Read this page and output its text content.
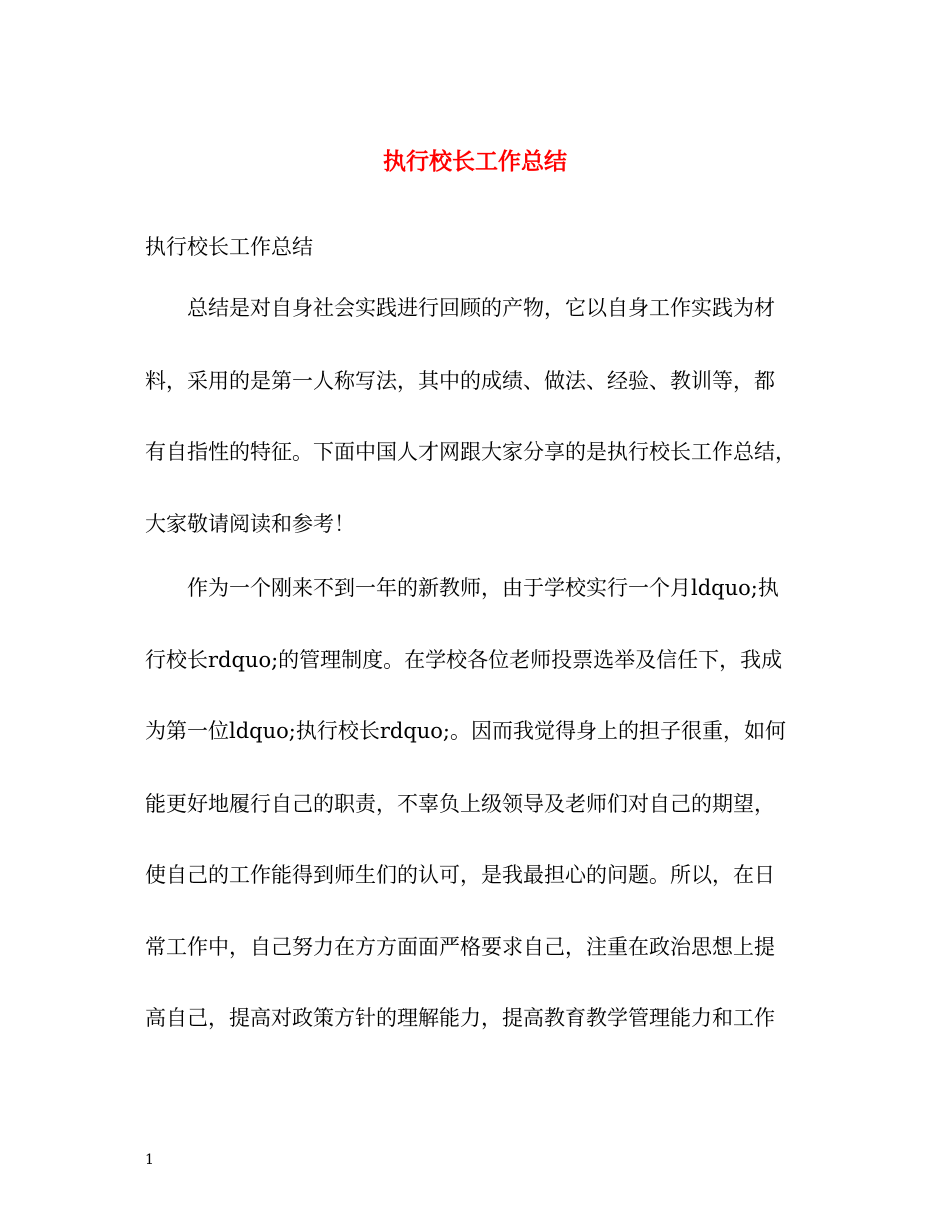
执行校长工作总结
执行校长工作总结
　　总结是对自身社会实践进行回顾的产物，它以自身工作实践为材
料，采用的是第一人称写法，其中的成绩、做法、经验、教训等，都
有自指性的特征。下面中国人才网跟大家分享的是执行校长工作总结，
大家敬请阅读和参考！
　　作为一个刚来不到一年的新教师，由于学校实行一个月ldquo;执
行校长rdquo;的管理制度。在学校各位老师投票选举及信任下，我成
为第一位ldquo;执行校长rdquo;。因而我觉得身上的担子很重，如何
能更好地履行自己的职责，不辜负上级领导及老师们对自己的期望，
使自己的工作能得到师生们的认可，是我最担心的问题。所以，在日
常工作中，自己努力在方方面面严格要求自己，注重在政治思想上提
高自己，提高对政策方针的理解能力，提高教育教学管理能力和工作
1
